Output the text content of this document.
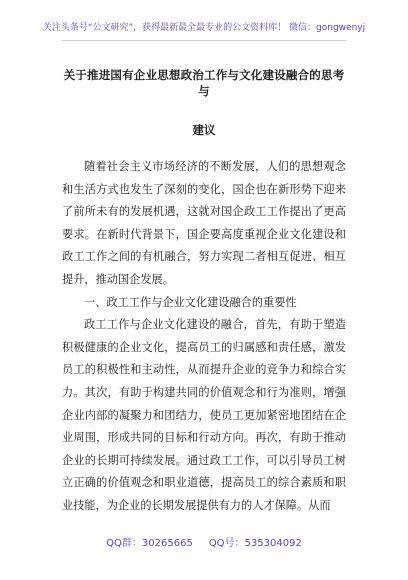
关注头条号“公文研究”，获得最新最全最专业的公文资料库！ 微信：gongwenyj
关于推进国有企业思想政治工作与文化建设融合的思考与
建议

随着社会主义市场经济的不断发展，人们的思想观念和生活方式也发生了深刻的变化，国企也在新形势下迎来了前所未有的发展机遇，这就对国企政工工作提出了更高要求。在新时代背景下，国企要高度重视企业文化建设和政工工作之间的有机融合，努力实现二者相互促进、相互提升，推动国企发展。

一、政工工作与企业文化建设融合的重要性

政工工作与企业文化建设的融合，首先，有助于塑造积极健康的企业文化，提高员工的归属感和责任感，激发员工的积极性和主动性，从而提升企业的竞争力和综合实力。其次，有助于构建共同的价值观念和行为准则，增强企业内部的凝聚力和团结力，使员工更加紧密地团结在企业周围，形成共同的目标和行动方向。再次，有助于推动企业的长期可持续发展。通过政工工作，可以引导员工树立正确的价值观念和职业道德，提高员工的综合素质和职业技能，为企业的长期发展提供有力的人才保障。从而

QQ群：30265665 QQ号：535304092
